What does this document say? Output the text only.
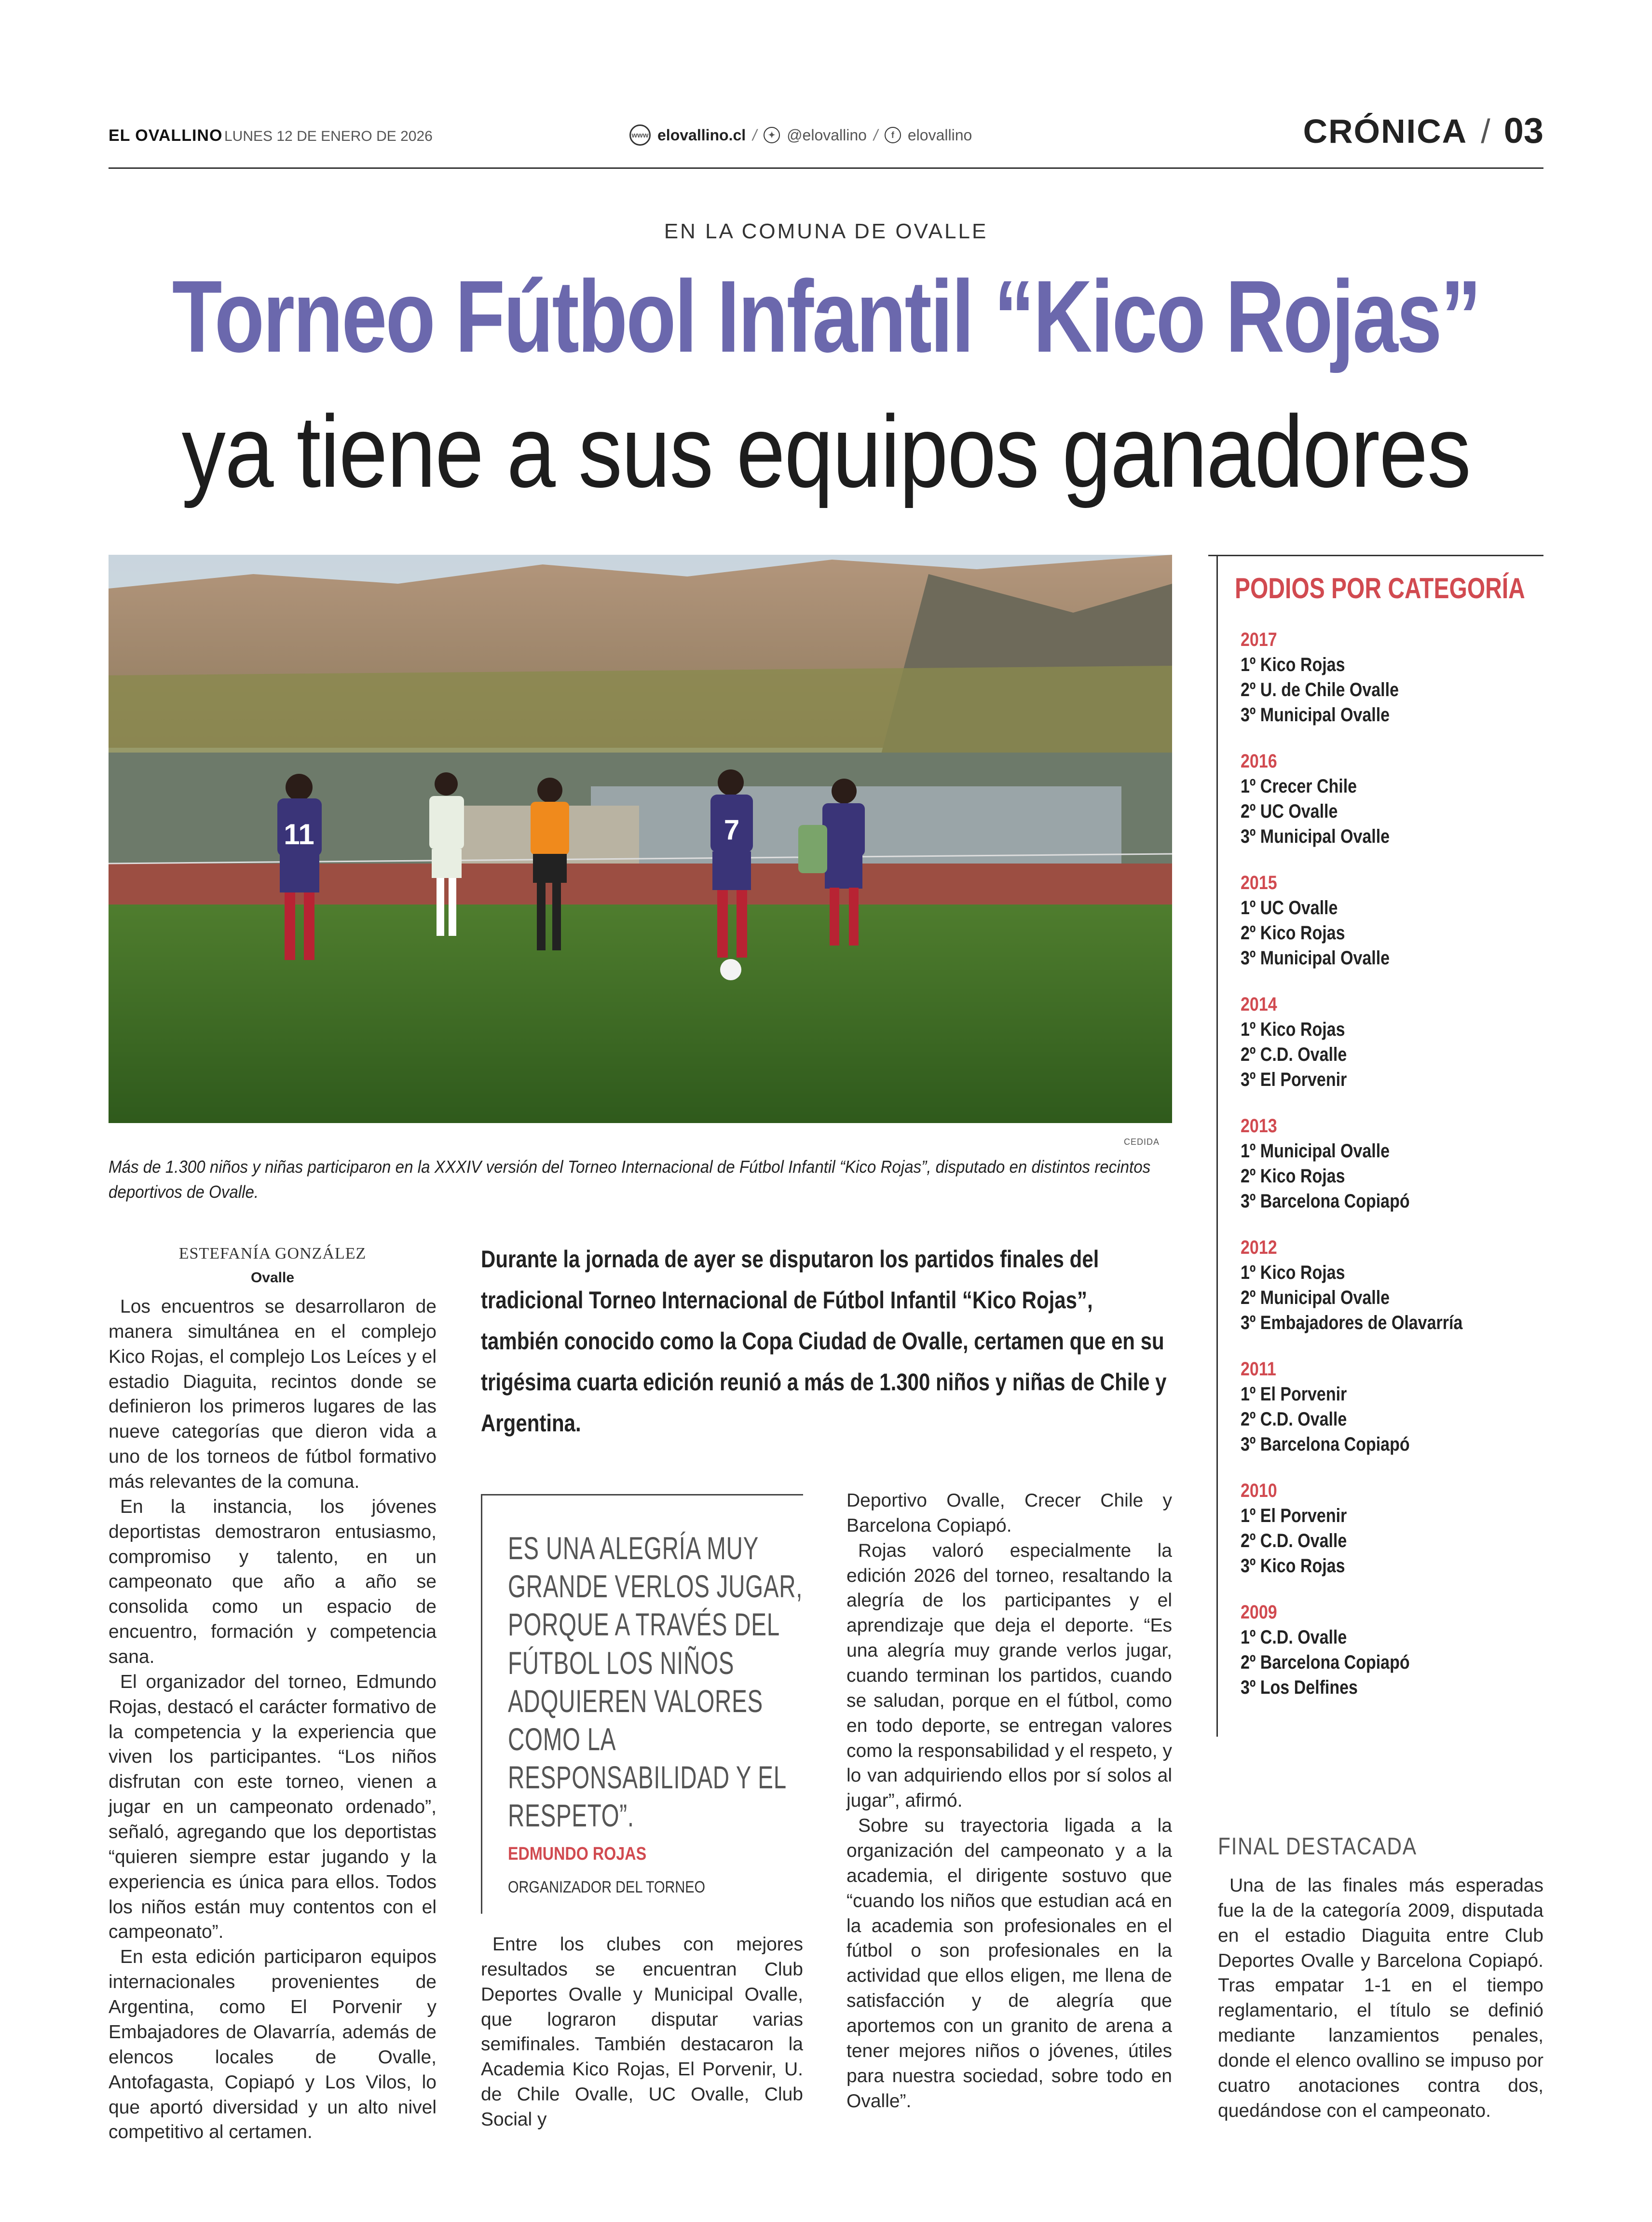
EL OVALLINO LUNES 12 DE ENERO DE 2026	www elovallino.cl /	✦ @elovallino /	f elovallino	CRÓNICA / 03
EN LA COMUNA DE OVALLE
Torneo Fútbol Infantil “Kico Rojas”
ya tiene a sus equipos ganadores
11	7
CEDIDA
Más de 1.300 niños y niñas participaron en la XXXIV versión del Torneo Internacional de Fútbol Infantil “Kico Rojas”, disputado en distintos recintos deportivos de Ovalle.
ESTEFANÍA GONZÁLEZ
Ovalle

Los encuentros se desarrollaron de manera simultánea en el complejo Kico Rojas, el complejo Los Leíces y el estadio Diaguita, recintos donde se definieron los primeros lugares de las nueve categorías que dieron vida a uno de los torneos de fútbol formativo más relevantes de la comuna.

En la instancia, los jóvenes deportistas demostraron entusiasmo, compromiso y talento, en un campeonato que año a año se consolida como un espacio de encuentro, formación y competencia sana.

El organizador del torneo, Edmundo Rojas, destacó el carácter formativo de la competencia y la experiencia que viven los participantes. “Los niños disfrutan con este torneo, vienen a jugar en un campeonato ordenado”, señaló, agregando que los deportistas “quieren siempre estar jugando y la experiencia es única para ellos. Todos los niños están muy contentos con el campeonato”.

En esta edición participaron equipos internacionales provenientes de Argentina, como El Porvenir y Embajadores de Olavarría, además de elencos locales de Ovalle, Antofagasta, Copiapó y Los Vilos, lo que aportó diversidad y un alto nivel competitivo al certamen.

Durante la jornada de ayer se disputaron los partidos finales del tradicional Torneo Internacional de Fútbol Infantil “Kico Rojas”, también conocido como la Copa Ciudad de Ovalle, certamen que en su trigésima cuarta edición reunió a más de 1.300 niños y niñas de Chile y Argentina.
ES UNA ALEGRÍA MUY GRANDE VERLOS JUGAR, PORQUE A TRAVÉS DEL FÚTBOL LOS NIÑOS ADQUIEREN VALORES COMO LA RESPONSABILIDAD Y EL RESPETO”.
EDMUNDO ROJAS
ORGANIZADOR DEL TORNEO

Entre los clubes con mejores resultados se encuentran Club Deportes Ovalle y Municipal Ovalle, que lograron disputar varias semifinales. También destacaron la Academia Kico Rojas, El Porvenir, U. de Chile Ovalle, UC Ovalle, Club Social y

Deportivo Ovalle, Crecer Chile y Barcelona Copiapó.

Rojas valoró especialmente la edición 2026 del torneo, resaltando la alegría de los participantes y el aprendizaje que deja el deporte. “Es una alegría muy grande verlos jugar, cuando terminan los partidos, cuando se saludan, porque en el fútbol, como en todo deporte, se entregan valores como la responsabilidad y el respeto, y lo van adquiriendo ellos por sí solos al jugar”, afirmó.

Sobre su trayectoria ligada a la organización del campeonato y a la academia, el dirigente sostuvo que “cuando los niños que estudian acá en la academia son profesionales en el fútbol o son profesionales en la actividad que ellos eligen, me llena de satisfacción y de alegría que aportemos con un granito de arena a tener mejores niños o jóvenes, útiles para nuestra sociedad, sobre todo en Ovalle”.

PODIOS POR CATEGORÍA
2017
1º Kico Rojas
2º U. de Chile Ovalle
3º Municipal Ovalle
2016
1º Crecer Chile
2º UC Ovalle
3º Municipal Ovalle
2015
1º UC Ovalle
2º Kico Rojas
3º Municipal Ovalle
2014
1º Kico Rojas
2º C.D. Ovalle
3º El Porvenir
2013
1º Municipal Ovalle
2º Kico Rojas
3º Barcelona Copiapó
2012
1º Kico Rojas
2º Municipal Ovalle
3º Embajadores de Olavarría
2011
1º El Porvenir
2º C.D. Ovalle
3º Barcelona Copiapó
2010
1º El Porvenir
2º C.D. Ovalle
3º Kico Rojas
2009
1º C.D. Ovalle
2º Barcelona Copiapó
3º Los Delfines
FINAL DESTACADA

Una de las finales más esperadas fue la de la categoría 2009, disputada en el estadio Diaguita entre Club Deportes Ovalle y Barcelona Copiapó. Tras empatar 1-1 en el tiempo reglamentario, el título se definió mediante lanzamientos penales, donde el elenco ovallino se impuso por cuatro anotaciones contra dos, quedándose con el campeonato.
